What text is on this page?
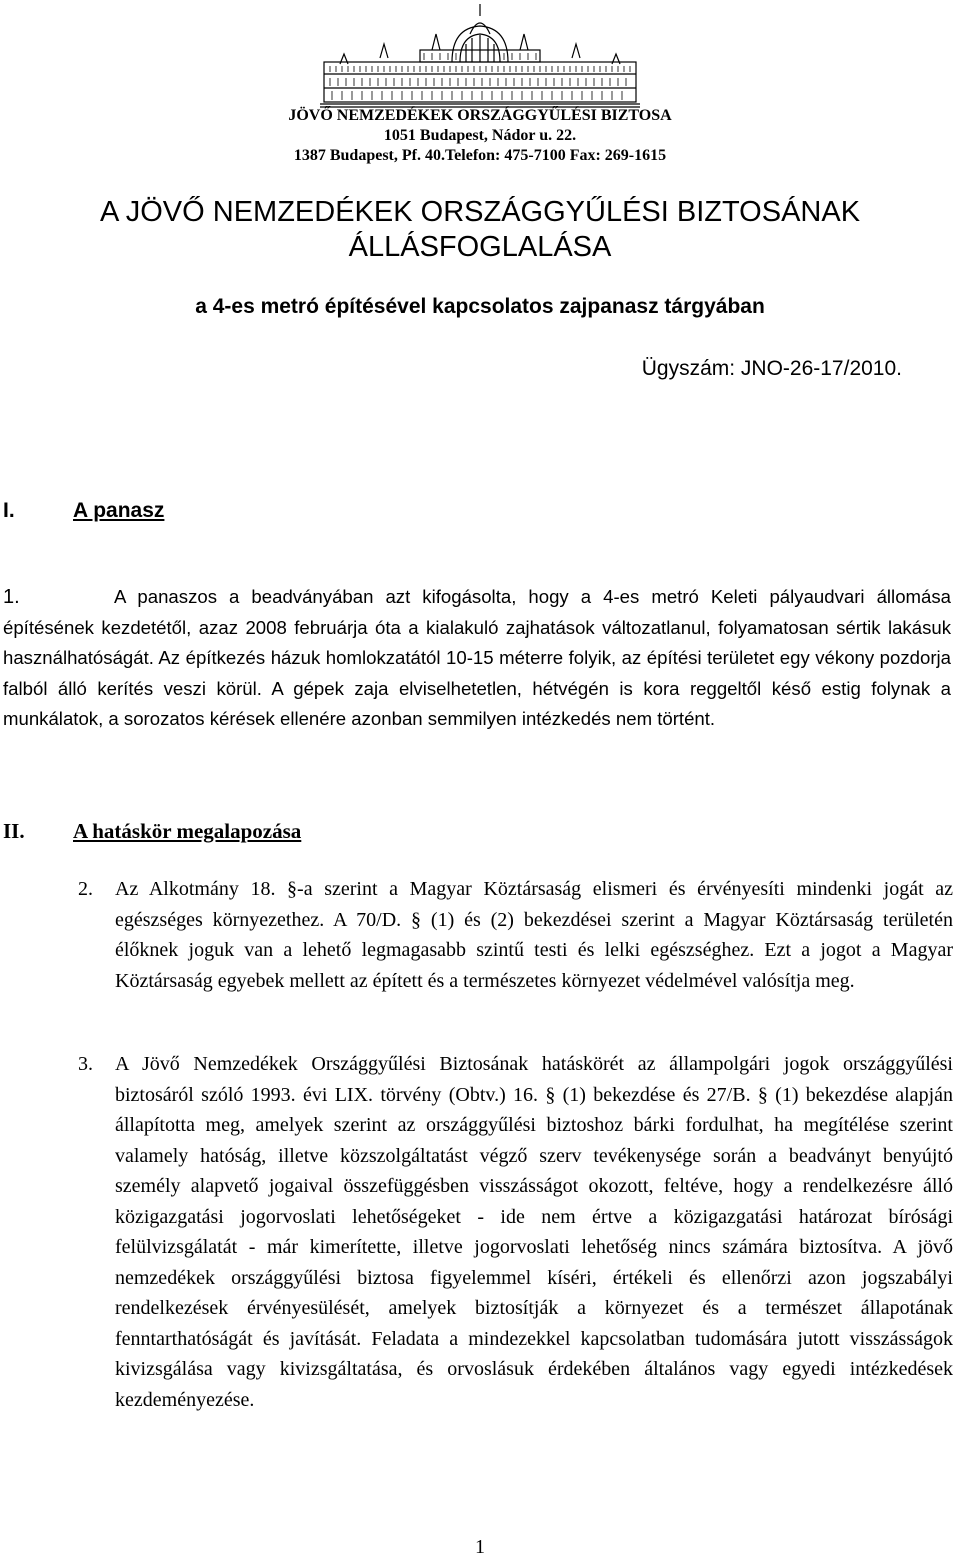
JÖVŐ NEMZEDÉKEK ORSZÁGGYŰLÉSI BIZTOSA
1051 Budapest, Nádor u. 22.
1387 Budapest, Pf. 40.Telefon: 475-7100 Fax: 269-1615
A JÖVŐ NEMZEDÉKEK ORSZÁGGYŰLÉSI BIZTOSÁNAK
ÁLLÁSFOGLALÁSA
a 4-es metró építésével kapcsolatos zajpanasz tárgyában
Ügyszám: JNO-26-17/2010.
I.	A panasz
1.	A panaszos a beadványában azt kifogásolta, hogy a 4-es metró Keleti pályaudvari állomása építésének kezdetétől, azaz 2008 februárja óta a kialakuló zajhatások változatlanul, folyamatosan sértik lakásuk használhatóságát. Az építkezés házuk homlokzatától 10-15 méterre folyik, az építési területet egy vékony pozdorja falból álló kerítés veszi körül. A gépek zaja elviselhetetlen, hétvégén is kora reggeltől késő estig folynak a munkálatok, a sorozatos kérések ellenére azonban semmilyen intézkedés nem történt.
II. A hatáskör megalapozása
2. Az Alkotmány 18. §-a szerint a Magyar Köztársaság elismeri és érvényesíti mindenki jogát az egészséges környezethez. A 70/D. § (1) és (2) bekezdései szerint a Magyar Köztársaság területén élőknek joguk van a lehető legmagasabb szintű testi és lelki egészséghez. Ezt a jogot a Magyar Köztársaság egyebek mellett az épített és a természetes környezet védelmével valósítja meg.
3. A Jövő Nemzedékek Országgyűlési Biztosának hatáskörét az állampolgári jogok országgyűlési biztosáról szóló 1993. évi LIX. törvény (Obtv.) 16. § (1) bekezdése és 27/B. § (1) bekezdése alapján állapította meg, amelyek szerint az országgyűlési biztoshoz bárki fordulhat, ha megítélése szerint valamely hatóság, illetve közszolgáltatást végző szerv tevékenysége során a beadványt benyújtó személy alapvető jogaival összefüggésben visszásságot okozott, feltéve, hogy a rendelkezésre álló közigazgatási jogorvoslati lehetőségeket - ide nem értve a közigazgatási határozat bírósági felülvizsgálatát - már kimerítette, illetve jogorvoslati lehetőség nincs számára biztosítva. A jövő nemzedékek országgyűlési biztosa figyelemmel kíséri, értékeli és ellenőrzi azon jogszabályi rendelkezések érvényesülését, amelyek biztosítják a környezet és a természet állapotának fenntarthatóságát és javítását. Feladata a mindezekkel kapcsolatban tudomására jutott visszásságok kivizsgálása vagy kivizsgáltatása, és orvoslásuk érdekében általános vagy egyedi intézkedések kezdeményezése.
1
